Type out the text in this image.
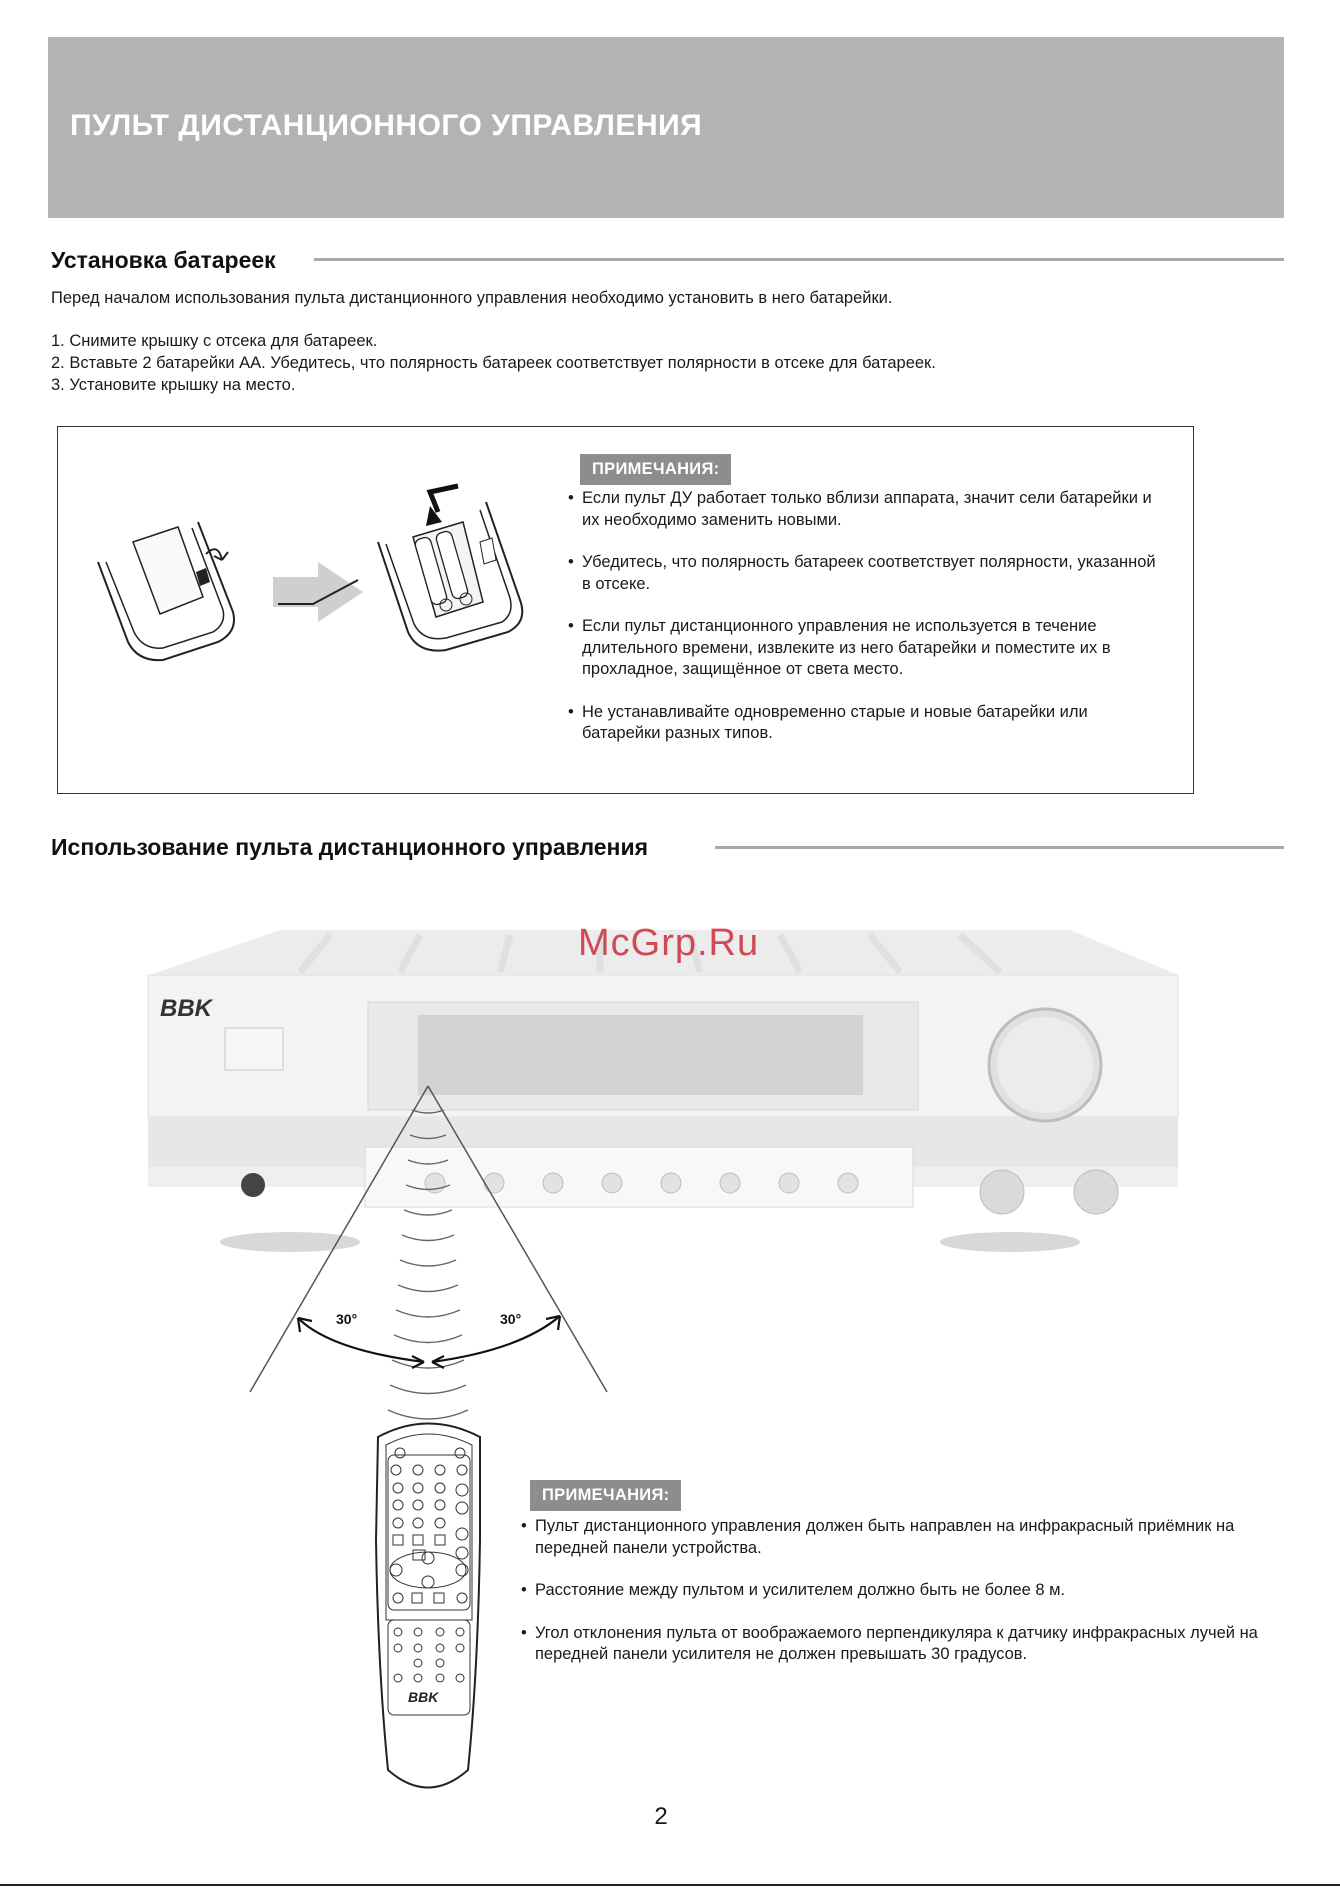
ПУЛЬТ ДИСТАНЦИОННОГО УПРАВЛЕНИЯ
Установка батареек
Перед началом использования пульта дистанционного управления необходимо установить в него батарейки.
1. Снимите крышку с отсека для батареек.
2. Вставьте 2 батарейки AA. Убедитесь, что полярность батареек соответствует полярности в отсеке для батареек.
3. Установите крышку на место.
ПРИМЕЧАНИЯ:
• Если пульт ДУ работает только вблизи аппарата, значит сели батарейки и их необходимо заменить новыми.
• Убедитесь, что полярность батареек соответствует полярности, указанной в отсеке.
• Если пульт дистанционного управления не используется в течение длительного времени, извлеките из него батарейки и поместите их в прохладное, защищённое от света место.
• Не устанавливайте одновременно старые и новые батарейки или батарейки разных типов.
Использование пульта дистанционного управления
BBK
30°	30°
BBK
McGrp.Ru
ПРИМЕЧАНИЯ:
• Пульт дистанционного управления должен быть направлен на инфракрасный приёмник на передней панели устройства.
• Расстояние между пультом и усилителем должно быть не более 8 м.
• Угол отклонения пульта от воображаемого перпендикуляра к датчику инфракрасных лучей на передней панели усилителя не должен превышать 30 градусов.
2
